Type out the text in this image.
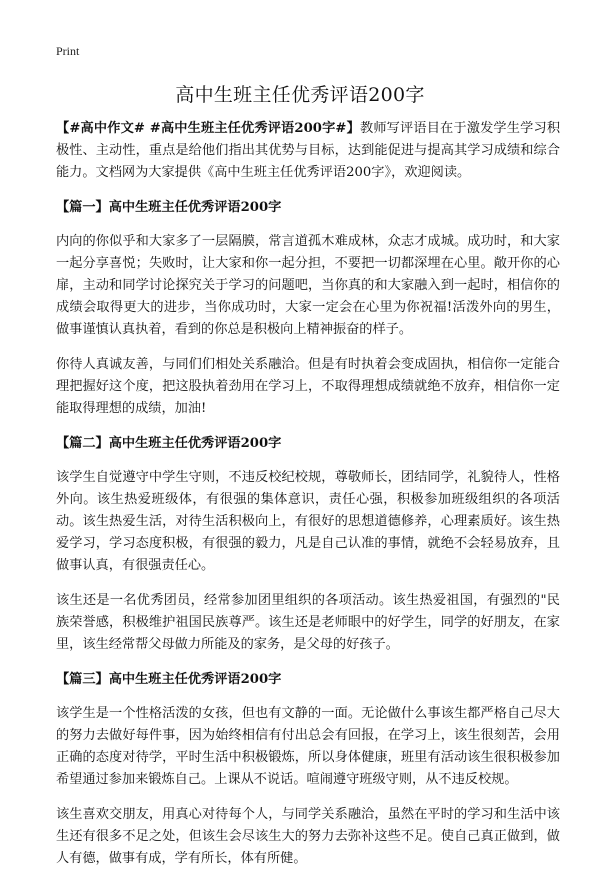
Print
高中生班主任优秀评语200字

【#高中作文# #高中生班主任优秀评语200字#】教师写评语目在于激发学生学习积极性、主动性，重点是给他们指出其优势与目标，达到能促进与提高其学习成绩和综合能力。文档网为大家提供《高中生班主任优秀评语200字》，欢迎阅读。

【篇一】高中生班主任优秀评语200字

内向的你似乎和大家多了一层隔膜，常言道孤木难成林，众志才成城。成功时，和大家一起分享喜悦；失败时，让大家和你一起分担，不要把一切都深埋在心里。敞开你的心扉，主动和同学讨论探究关于学习的问题吧，当你真的和大家融入到一起时，相信你的成绩会取得更大的进步，当你成功时，大家一定会在心里为你祝福!活泼外向的男生，做事谨慎认真执着，看到的你总是积极向上精神振奋的样子。

你待人真诚友善，与同们们相处关系融洽。但是有时执着会变成固执，相信你一定能合理把握好这个度，把这股执着劲用在学习上，不取得理想成绩就绝不放弃，相信你一定能取得理想的成绩，加油!

【篇二】高中生班主任优秀评语200字

该学生自觉遵守中学生守则，不违反校纪校规，尊敬师长，团结同学，礼貌待人，性格外向。该生热爱班级体，有很强的集体意识，责任心强，积极参加班级组织的各项活动。该生热爱生活，对待生活积极向上，有很好的思想道德修养，心理素质好。该生热爱学习，学习态度积极，有很强的毅力，凡是自己认准的事情，就绝不会轻易放弃，且做事认真，有很强责任心。

该生还是一名优秀团员，经常参加团里组织的各项活动。该生热爱祖国，有强烈的"民族荣誉感，积极维护祖国民族尊严。该生还是老师眼中的好学生，同学的好朋友，在家里，该生经常帮父母做力所能及的家务，是父母的好孩子。

【篇三】高中生班主任优秀评语200字

该学生是一个性格活泼的女孩，但也有文静的一面。无论做什么事该生都严格自己尽大的努力去做好每件事，因为始终相信有付出总会有回报，在学习上，该生很刻苦，会用正确的态度对待学，平时生活中积极锻炼，所以身体健康，班里有活动该生很积极参加希望通过参加来锻炼自己。上课从不说话。喧闹遵守班级守则，从不违反校规。

该生喜欢交朋友，用真心对待每个人，与同学关系融洽，虽然在平时的学习和生活中该生还有很多不足之处，但该生会尽该生大的努力去弥补这些不足。使自己真正做到，做人有德，做事有成，学有所长，体有所健。
